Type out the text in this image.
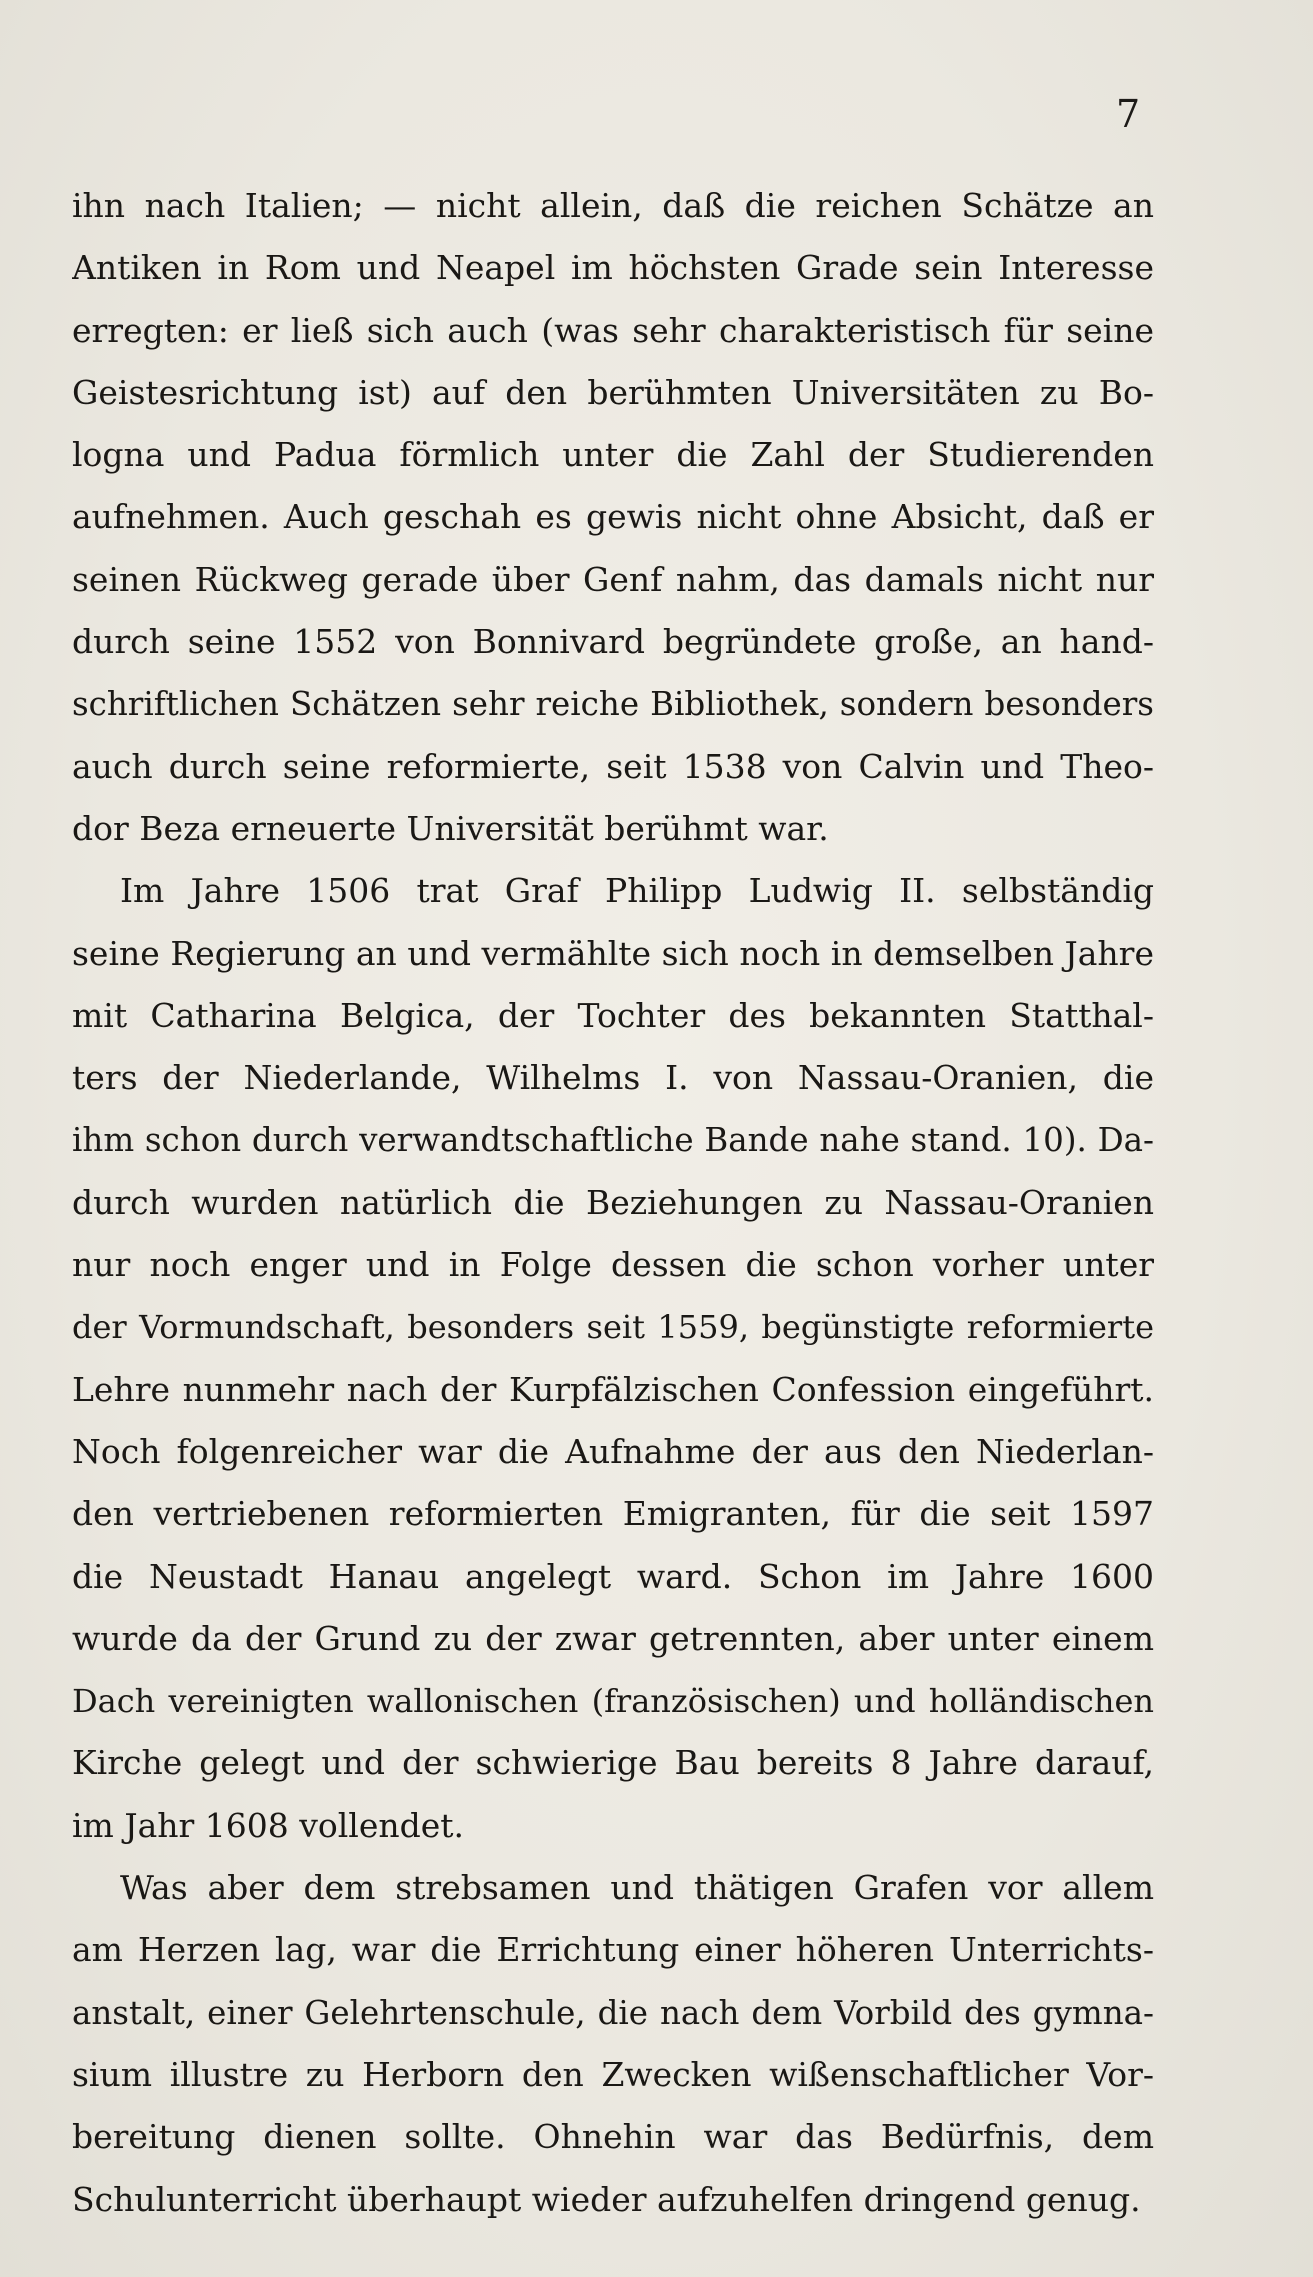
7
ihn nach Italien; — nicht allein, daß die reichen Schätze an
Antiken in Rom und Neapel im höchsten Grade sein Interesse
erregten: er ließ sich auch (was sehr charakteristisch für seine
Geistesrichtung ist) auf den berühmten Universitäten zu Bo-
logna und Padua förmlich unter die Zahl der Studierenden
aufnehmen. Auch geschah es gewis nicht ohne Absicht, daß er
seinen Rückweg gerade über Genf nahm, das damals nicht nur
durch seine 1552 von Bonnivard begründete große, an hand-
schriftlichen Schätzen sehr reiche Bibliothek, sondern besonders
auch durch seine reformierte, seit 1538 von Calvin und Theo-
dor Beza erneuerte Universität berühmt war.
Im Jahre 1506 trat Graf Philipp Ludwig II. selbständig
seine Regierung an und vermählte sich noch in demselben Jahre
mit Catharina Belgica, der Tochter des bekannten Statthal-
ters der Niederlande, Wilhelms I. von Nassau-Oranien, die
ihm schon durch verwandtschaftliche Bande nahe stand. 10). Da-
durch wurden natürlich die Beziehungen zu Nassau-Oranien
nur noch enger und in Folge dessen die schon vorher unter
der Vormundschaft, besonders seit 1559, begünstigte reformierte
Lehre nunmehr nach der Kurpfälzischen Confession eingeführt.
Noch folgenreicher war die Aufnahme der aus den Niederlan-
den vertriebenen reformierten Emigranten, für die seit 1597
die Neustadt Hanau angelegt ward. Schon im Jahre 1600
wurde da der Grund zu der zwar getrennten, aber unter einem
Dach vereinigten wallonischen (französischen) und holländischen
Kirche gelegt und der schwierige Bau bereits 8 Jahre darauf,
im Jahr 1608 vollendet.
Was aber dem strebsamen und thätigen Grafen vor allem
am Herzen lag, war die Errichtung einer höheren Unterrichts-
anstalt, einer Gelehrtenschule, die nach dem Vorbild des gymna-
sium illustre zu Herborn den Zwecken wißenschaftlicher Vor-
bereitung dienen sollte. Ohnehin war das Bedürfnis, dem
Schulunterricht überhaupt wieder aufzuhelfen dringend genug.
